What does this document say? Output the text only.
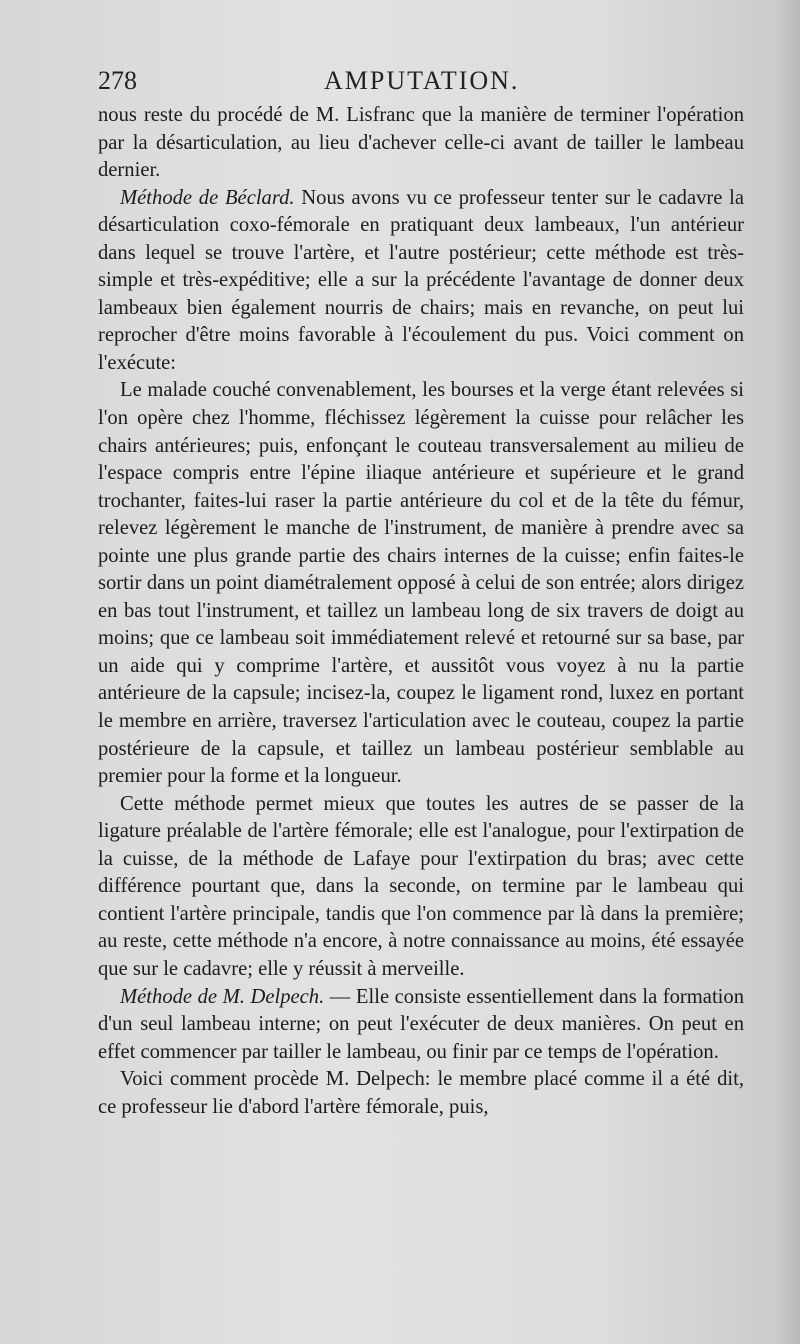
278	AMPUTATION.

nous reste du procédé de M. Lisfranc que la manière de terminer l'opération par la désarticulation, au lieu d'achever celle-ci avant de tailler le lambeau dernier.

Méthode de Béclard. Nous avons vu ce professeur tenter sur le cadavre la désarticulation coxo-fémorale en pratiquant deux lambeaux, l'un antérieur dans lequel se trouve l'artère, et l'autre postérieur; cette méthode est très-simple et très-expéditive; elle a sur la précédente l'avantage de donner deux lambeaux bien également nourris de chairs; mais en revanche, on peut lui reprocher d'être moins favorable à l'écoulement du pus. Voici comment on l'exécute:

Le malade couché convenablement, les bourses et la verge étant relevées si l'on opère chez l'homme, fléchissez légèrement la cuisse pour relâcher les chairs antérieures; puis, enfonçant le couteau transversalement au milieu de l'espace compris entre l'épine iliaque antérieure et supérieure et le grand trochanter, faites-lui raser la partie antérieure du col et de la tête du fémur, relevez légèrement le manche de l'instrument, de manière à prendre avec sa pointe une plus grande partie des chairs internes de la cuisse; enfin faites-le sortir dans un point diamétralement opposé à celui de son entrée; alors dirigez en bas tout l'instrument, et taillez un lambeau long de six travers de doigt au moins; que ce lambeau soit immédiatement relevé et retourné sur sa base, par un aide qui y comprime l'artère, et aussitôt vous voyez à nu la partie antérieure de la capsule; incisez-la, coupez le ligament rond, luxez en portant le membre en arrière, traversez l'articulation avec le couteau, coupez la partie postérieure de la capsule, et taillez un lambeau postérieur semblable au premier pour la forme et la longueur.

Cette méthode permet mieux que toutes les autres de se passer de la ligature préalable de l'artère fémorale; elle est l'analogue, pour l'extirpation de la cuisse, de la méthode de Lafaye pour l'extirpation du bras; avec cette différence pourtant que, dans la seconde, on termine par le lambeau qui contient l'artère principale, tandis que l'on commence par là dans la première; au reste, cette méthode n'a encore, à notre connaissance au moins, été essayée que sur le cadavre; elle y réussit à merveille.

Méthode de M. Delpech. — Elle consiste essentiellement dans la formation d'un seul lambeau interne; on peut l'exécuter de deux manières. On peut en effet commencer par tailler le lambeau, ou finir par ce temps de l'opération.

Voici comment procède M. Delpech: le membre placé comme il a été dit, ce professeur lie d'abord l'artère fémorale, puis,
